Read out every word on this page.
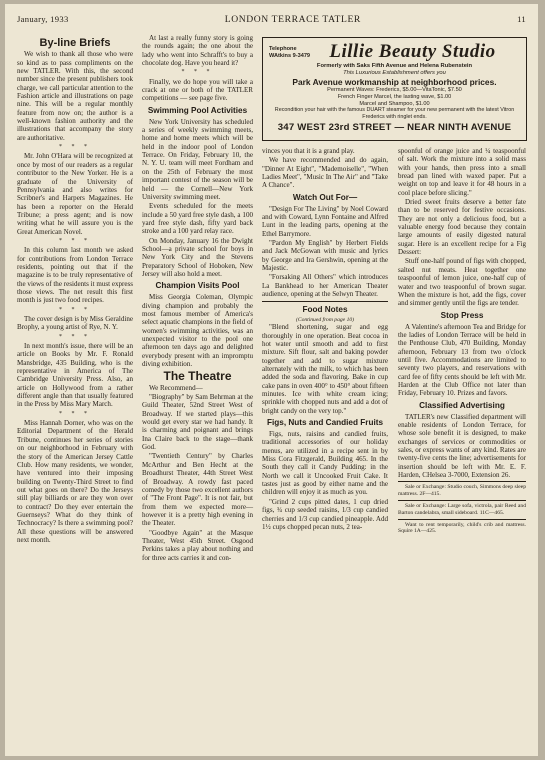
January, 1933	LONDON TERRACE TATLER	11
By-line Briefs

We wish to thank all those who were so kind as to pass compliments on the new TATLER. With this, the second number since the present publishers took charge, we call particular attention to the Fashion article and illustrations on page nine. This will be a regular monthly feature from now on; the author is a well-known fashion authority and the illustrations that accompany the story are authoritative.

* * *

Mr. John O'Hara will be recognized at once by most of our readers as a regular contributor to the New Yorker. He is a graduate of the University of Pennsylvania and also writes for Scribner's and Harpers Magazines. He has been a reporter on the Herald Tribune; a press agent; and is now writing what he will assure you is the Great American Novel.

* * *

In this column last month we asked for contributions from London Terrace residents, pointing out that if the magazine is to be truly representative of the views of the residents it must express those views. The net result this first month is just two food recipes.

* * *

The cover design is by Miss Geraldine Brophy, a young artist of Rye, N. Y.

* * *

In next month's issue, there will be an article on Books by Mr. F. Ronald Mansbridge, 435 Building, who is the representative in America of The Cambridge University Press. Also, an article on Hollywood from a rather different angle than that usually featured in the Press by Miss Mary March.

* * *

Miss Hannah Dorner, who was on the Editorial Department of the Herald Tribune, continues her series of stories on our neighborhood in February with the story of the American Jersey Cattle Club. How many residents, we wonder, have ventured into their imposing building on Twenty-Third Street to find out what goes on there? Do the Jerseys still play billiards or are they won over to contract? Do they ever entertain the Guernseys? What do they think of Technocracy? Is there a swimming pool? All these questions will be answered next month.

At last a really funny story is going the rounds again; the one about the lady who went into Schrafft's to buy a chocolate dog. Have you heard it?

* * *

Finally, we do hope you will take a crack at one or both of the TATLER competitions — see page five.

Swimming Pool Activities

New York University has scheduled a series of weekly swimming meets, home and home meets which will be held in the indoor pool of London Terrace. On Friday, February 10, the N. Y. U. team will meet Fordham and on the 25th of February the most important contest of the season will be held — the Cornell—New York University swimming meet.

Events scheduled for the meets include a 50 yard free style dash, a 100 yard free style dash, fifty yard back stroke and a 100 yard relay race.

On Monday, January 16 the Dwight School—a private school for boys in New York City and the Stevens Preparatory School of Hoboken, New Jersey will also hold a meet.

Champion Visits Pool

Miss Georgia Coleman, Olympic diving champion and probably the most famous member of America's select aquatic champions in the field of women's swimming activities, was an unexpected visitor to the pool one afternoon ten days ago and delighted everybody present with an impromptu diving exhibition.

The Theatre

We Recommend—

"Biography" by Sam Behrman at the Guild Theater, 52nd Street West of Broadway. If we started plays—this would get every star we had handy. It is charming and poignant and brings Ina Claire back to the stage—thank God.

"Twentieth Century" by Charles McArthur and Ben Hecht at the Broadhurst Theater, 44th Street West of Broadway. A rowdy fast paced comedy by those two excellent authors of "The Front Page". It is not fair, but from them we expected more—however it is a pretty high evening in the Theater.

"Goodbye Again" at the Masque Theater, West 45th Street. Osgood Perkins takes a play about nothing and for three acts carries it and con-

Telephone
WAtkins 9-3479	Lillie Beauty Studio
Formerly with Saks Fifth Avenue and Helena Rubenstein
This Luxurious Establishment offers you
Park Avenue workmanship at neighborhood prices.
Permanent Waves: Frederics, $5.00—VitaTonic, $7.50
French Finger Marcel, the lasting wave, $1.00
Marcel and Shampoo, $1.00
Recondition your hair with the famous DUART steamer for your new permanent with the latest Vitron Frederics with ringlet ends.
347 WEST 23rd STREET — NEAR NINTH AVENUE

vinces you that it is a grand play.

We have recommended and do again, "Dinner At Eight", "Mademoiselle", "When Ladies Meet", "Music In The Air" and "Take A Chance".

Watch Out For—

"Design For The Living" by Noel Coward and with Coward, Lynn Fontaine and Alfred Lunt in the leading parts, opening at the Ethel Barrymore.

"Pardon My English" by Herbert Fields and Jack McGowan with music and lyrics by George and Ira Gershwin, opening at the Majestic.

"Forsaking All Others" which introduces La Bankhead to her American Theater audience, opening at the Selwyn Theater.

Food Notes
(Continued from page 10)

"Blend shortening, sugar and egg thoroughly in one operation. Beat cocoa in hot water until smooth and add to first mixture. Sift flour, salt and baking powder together and add to sugar mixture alternately with the milk, to which has been added the soda and flavoring. Bake in cup cake pans in oven 400° to 450° about fifteen minutes. Ice with white cream icing; sprinkle with chopped nuts and add a dot of bright candy on the very top."

Figs, Nuts and Candied Fruits

Figs, nuts, raisins and candied fruits, traditional accessories of our holiday menus, are utilized in a recipe sent in by Miss Cora Fitzgerald, Building 465. In the South they call it Candy Pudding: in the North we call it Uncooked Fruit Cake. It tastes just as good by either name and the children will enjoy it as much as you.

"Grind 2 cups pitted dates, 1 cup dried figs, ¾ cup seeded raisins, 1/3 cup candied cherries and 1/3 cup candied pineapple. Add 1½ cups chopped pecan nuts, 2 tea-

spoonful of orange juice and ¼ teaspoonful of salt. Work the mixture into a solid mass with your hands, then press into a small bread pan lined with waxed paper. Put a weight on top and leave it for 48 hours in a cool place before slicing."

Dried sweet fruits deserve a better fate than to be reserved for festive occasions. They are not only a delicious food, but a valuable energy food because they contain large amounts of easily digested natural sugar. Here is an excellent recipe for a Fig Dessert:

Stuff one-half pound of figs with chopped, salted nut meats. Heat together one teaspoonful of lemon juice, one-half cup of water and two teaspoonful of brown sugar. When the mixture is hot, add the figs, cover and simmer gently until the figs are tender.

Stop Press

A Valentine's afternoon Tea and Bridge for the ladies of London Terrace will be held in the Penthouse Club, 470 Building, Monday afternoon, February 13 from two o'clock until five. Accommodations are limited to seventy two players, and reservations with card fee of fifty cents should be left with Mr. Harden at the Club Office not later than Friday, February 10. Prizes and favors.

Classified Advertising

TATLER's new Classified department will enable residents of London Terrace, for whose sole benefit it is designed, to make exchanges of services or commodities or sales, or express wants of any kind. Rates are twenty-five cents the line; advertisements for insertion should be left with Mr. E. F. Harden, CHelsea 3-7000, Extension 26.

Sale or Exchange: Studio couch, Simmons deep sleep mattress. 2F—415.

Sale or Exchange: Large sofa, victrola, pair Reed and Barton candelabra, small sideboard. 11C—465.

Want to rent temporarily, child's crib and mattress. Squire 1A—425.
